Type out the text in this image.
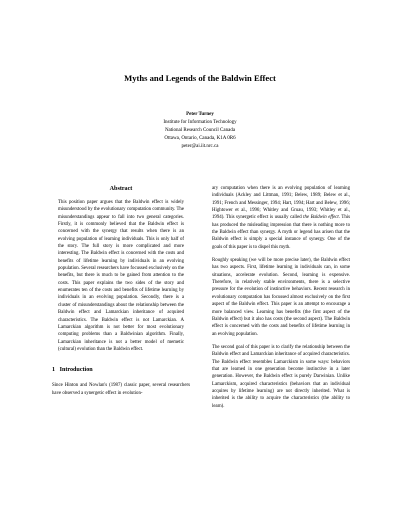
Myths and Legends of the Baldwin Effect
Peter Turney
Institute for Information Technology
National Research Council Canada
Ottawa, Ontario, Canada, K1A 0R6
peter@ai.iit.nrc.ca
Abstract

This position paper argues that the Baldwin effect is widely misunderstood by the evolutionary computation community. The misunderstandings appear to fall into two general categories. Firstly, it is commonly believed that the Baldwin effect is concerned with the synergy that results when there is an evolving population of learning individuals. This is only half of the story. The full story is more complicated and more interesting. The Baldwin effect is concerned with the costs and benefits of lifetime learning by individuals in an evolving population. Several researchers have focussed exclusively on the benefits, but there is much to be gained from attention to the costs. This paper explains the two sides of the story and enumerates ten of the costs and benefits of lifetime learning by individuals in an evolving population. Secondly, there is a cluster of misunderstandings about the relationship between the Baldwin effect and Lamarckian inheritance of acquired characteristics. The Baldwin effect is not Lamarckian. A Lamarckian algorithm is not better for most evolutionary computing problems than a Baldwinian algorithm. Finally, Lamarckian inheritance is not a better model of memetic (cultural) evolution than the Baldwin effect.

1   Introduction

Since Hinton and Nowlan's (1987) classic paper, several researchers have observed a synergetic effect in evolution-

ary computation when there is an evolving population of learning individuals (Ackley and Littman, 1991; Belew, 1989; Belew et al., 1991; French and Messinger, 1994; Hart, 1994; Hart and Belew, 1996; Hightower et al., 1996; Whitley and Gruau, 1993; Whitley et al., 1994). This synergetic effect is usually called the Baldwin effect. This has produced the misleading impression that there is nothing more to the Baldwin effect than synergy. A myth or legend has arisen that the Baldwin effect is simply a special instance of synergy. One of the goals of this paper is to dispel this myth.

Roughly speaking (we will be more precise later), the Baldwin effect has two aspects. First, lifetime learning in individuals can, in some situations, accelerate evolution. Second, learning is expensive. Therefore, in relatively stable environments, there is a selective pressure for the evolution of instinctive behaviors. Recent research in evolutionary computation has focussed almost exclusively on the first aspect of the Baldwin effect. This paper is an attempt to encourage a more balanced view. Learning has benefits (the first aspect of the Baldwin effect) but it also has costs (the second aspect). The Baldwin effect is concerned with the costs and benefits of lifetime learning in an evolving population.

The second goal of this paper is to clarify the relationship between the Baldwin effect and Lamarckian inheritance of acquired characteristics. The Baldwin effect resembles Lamarckism in some ways: behaviors that are learned in one generation become instinctive in a later generation. However, the Baldwin effect is purely Darwinian. Unlike Lamarckism, acquired characteristics (behaviors that an individual acquires by lifetime learning) are not directly inherited. What is inherited is the ability to acquire the characteristics (the ability to learn).
